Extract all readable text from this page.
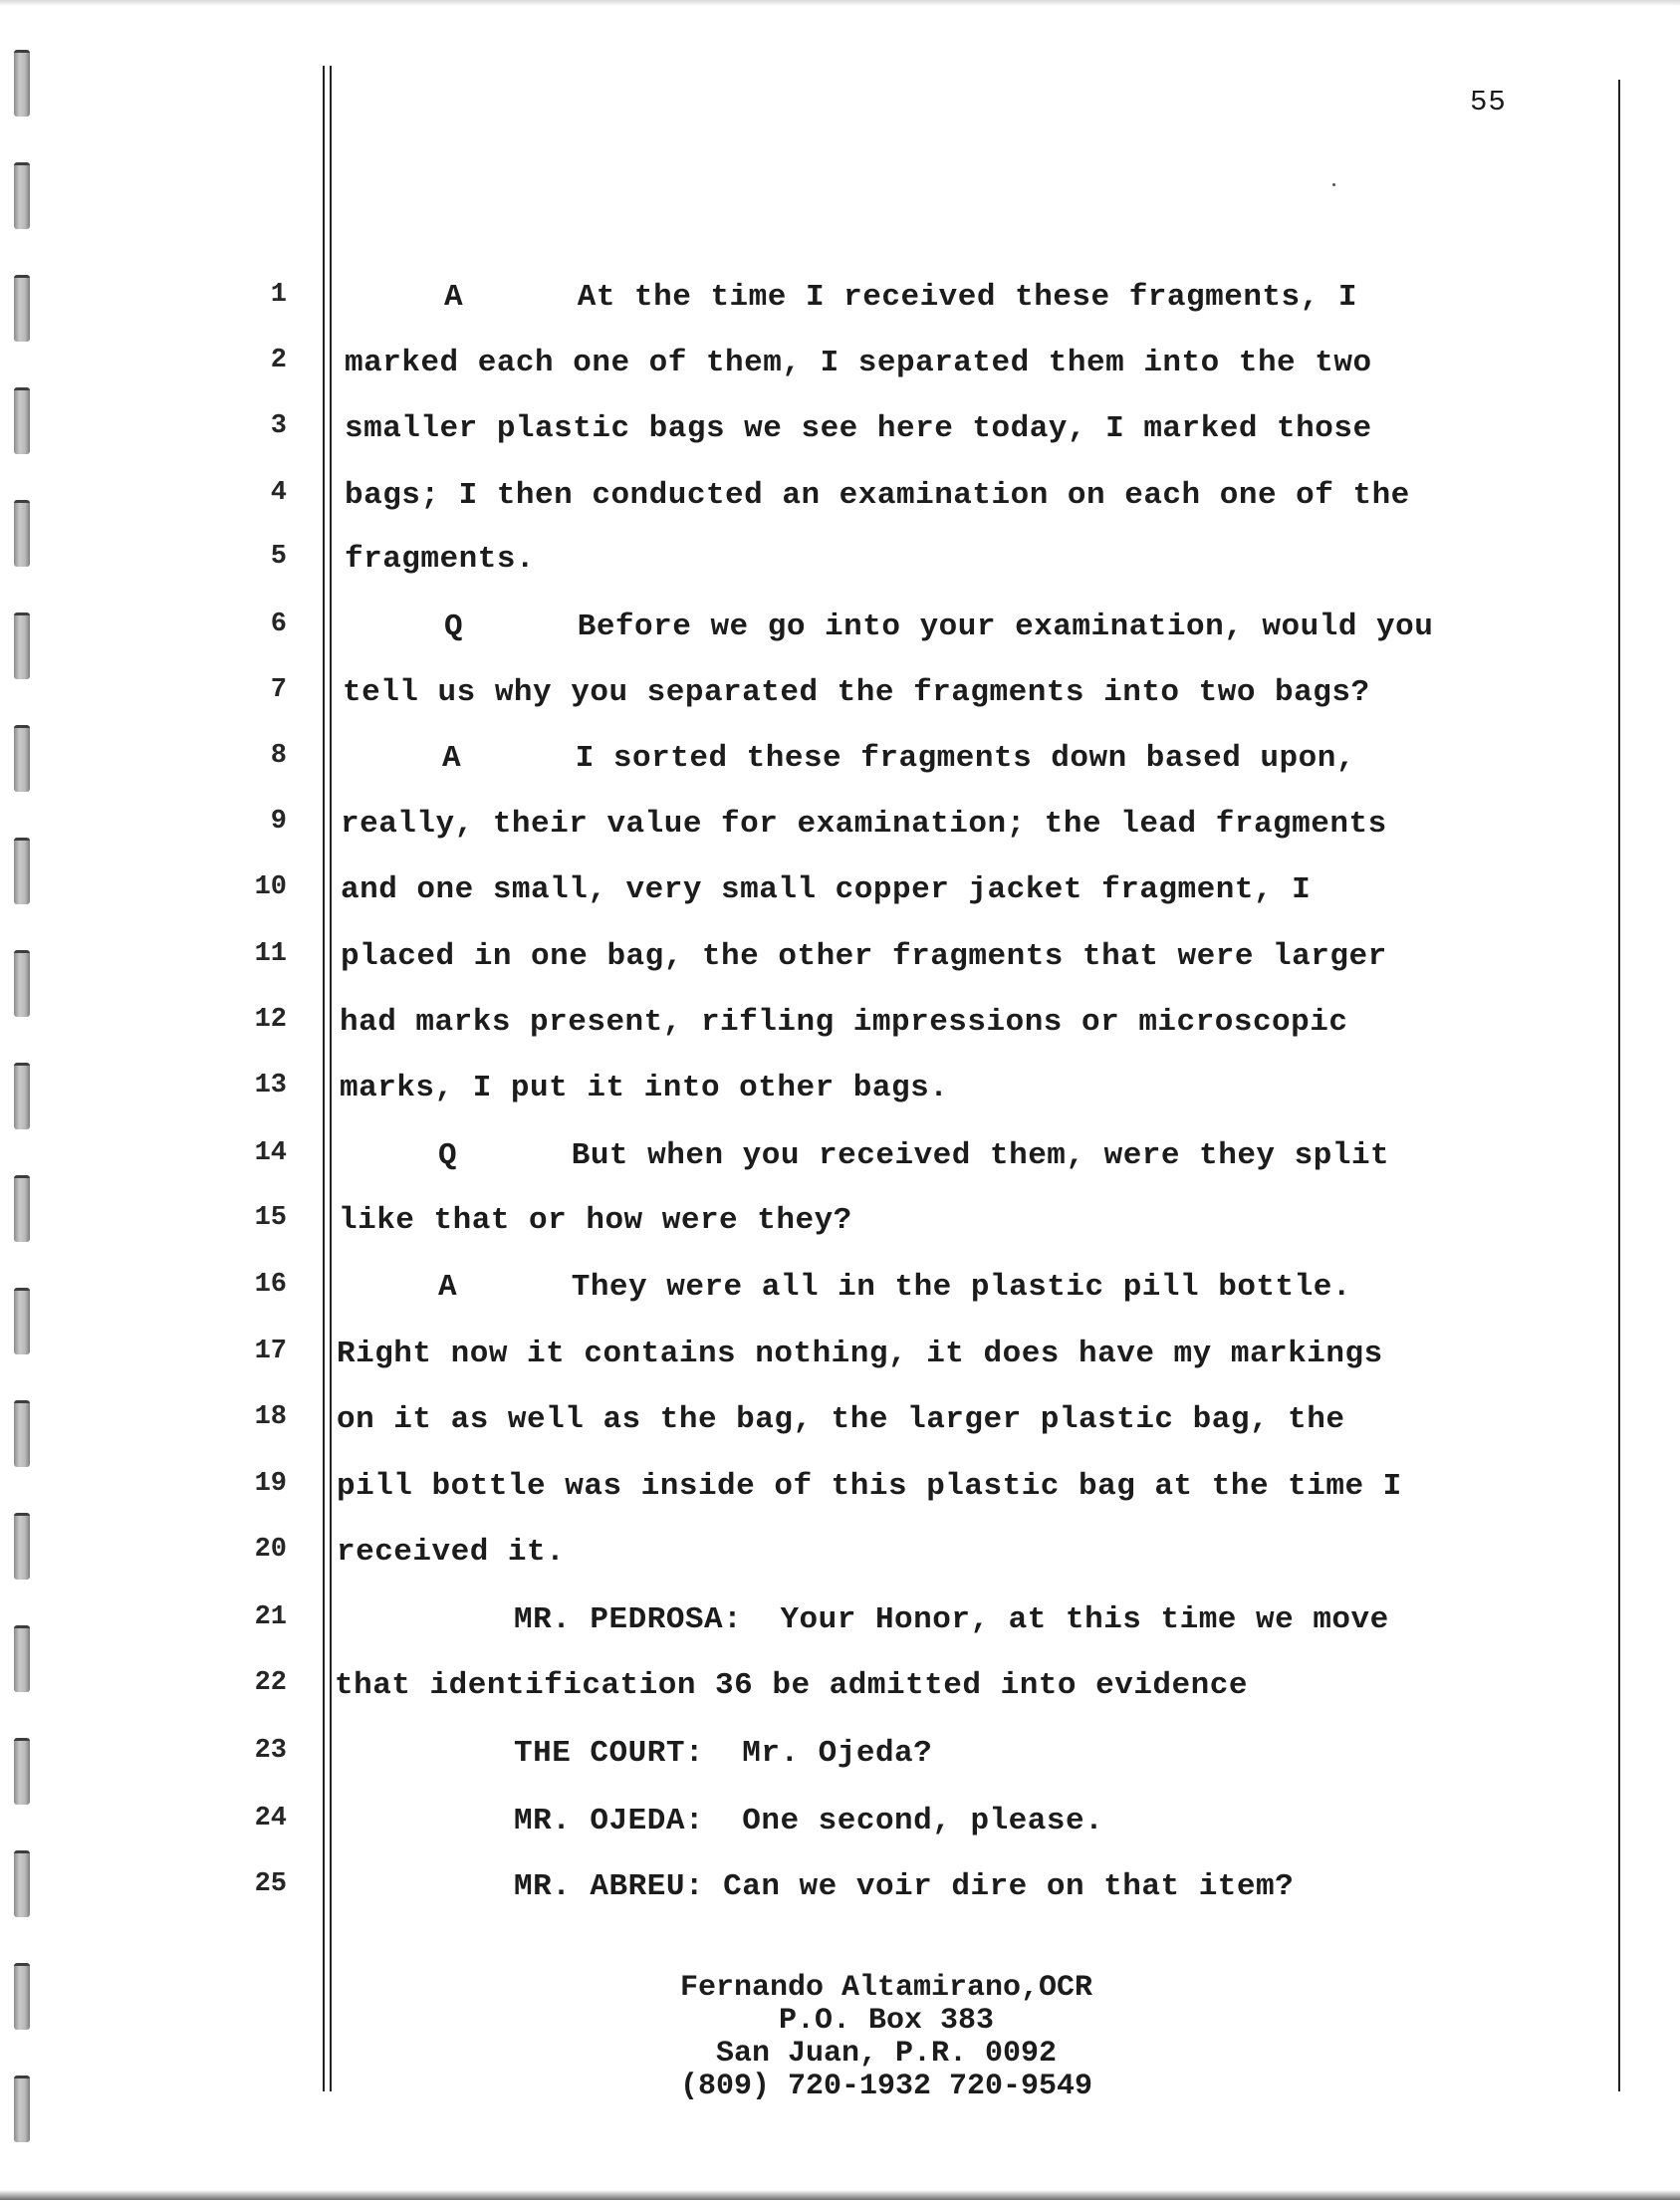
55
1	A      At the time I received these fragments, I
2 marked each one of them, I separated them into the two
3 smaller plastic bags we see here today, I marked those
4 bags; I then conducted an examination on each one of the
5 fragments.
6	Q      Before we go into your examination, would you
7 tell us why you separated the fragments into two bags?
8	A      I sorted these fragments down based upon,
9 really, their value for examination; the lead fragments
10 and one small, very small copper jacket fragment, I
11 placed in one bag, the other fragments that were larger
12 had marks present, rifling impressions or microscopic
13 marks, I put it into other bags.
14	Q      But when you received them, were they split
15 like that or how were they?
16	A      They were all in the plastic pill bottle.
17 Right now it contains nothing, it does have my markings
18 on it as well as the bag, the larger plastic bag, the
19 pill bottle was inside of this plastic bag at the time I
20 received it.
21	MR. PEDROSA:  Your Honor, at this time we move
22 that identification 36 be admitted into evidence
23	THE COURT:  Mr. Ojeda?
24	MR. OJEDA:  One second, please.
25	MR. ABREU: Can we voir dire on that item?
Fernando Altamirano,OCR
P.O. Box 383
San Juan, P.R. 0092
(809) 720-1932 720-9549
